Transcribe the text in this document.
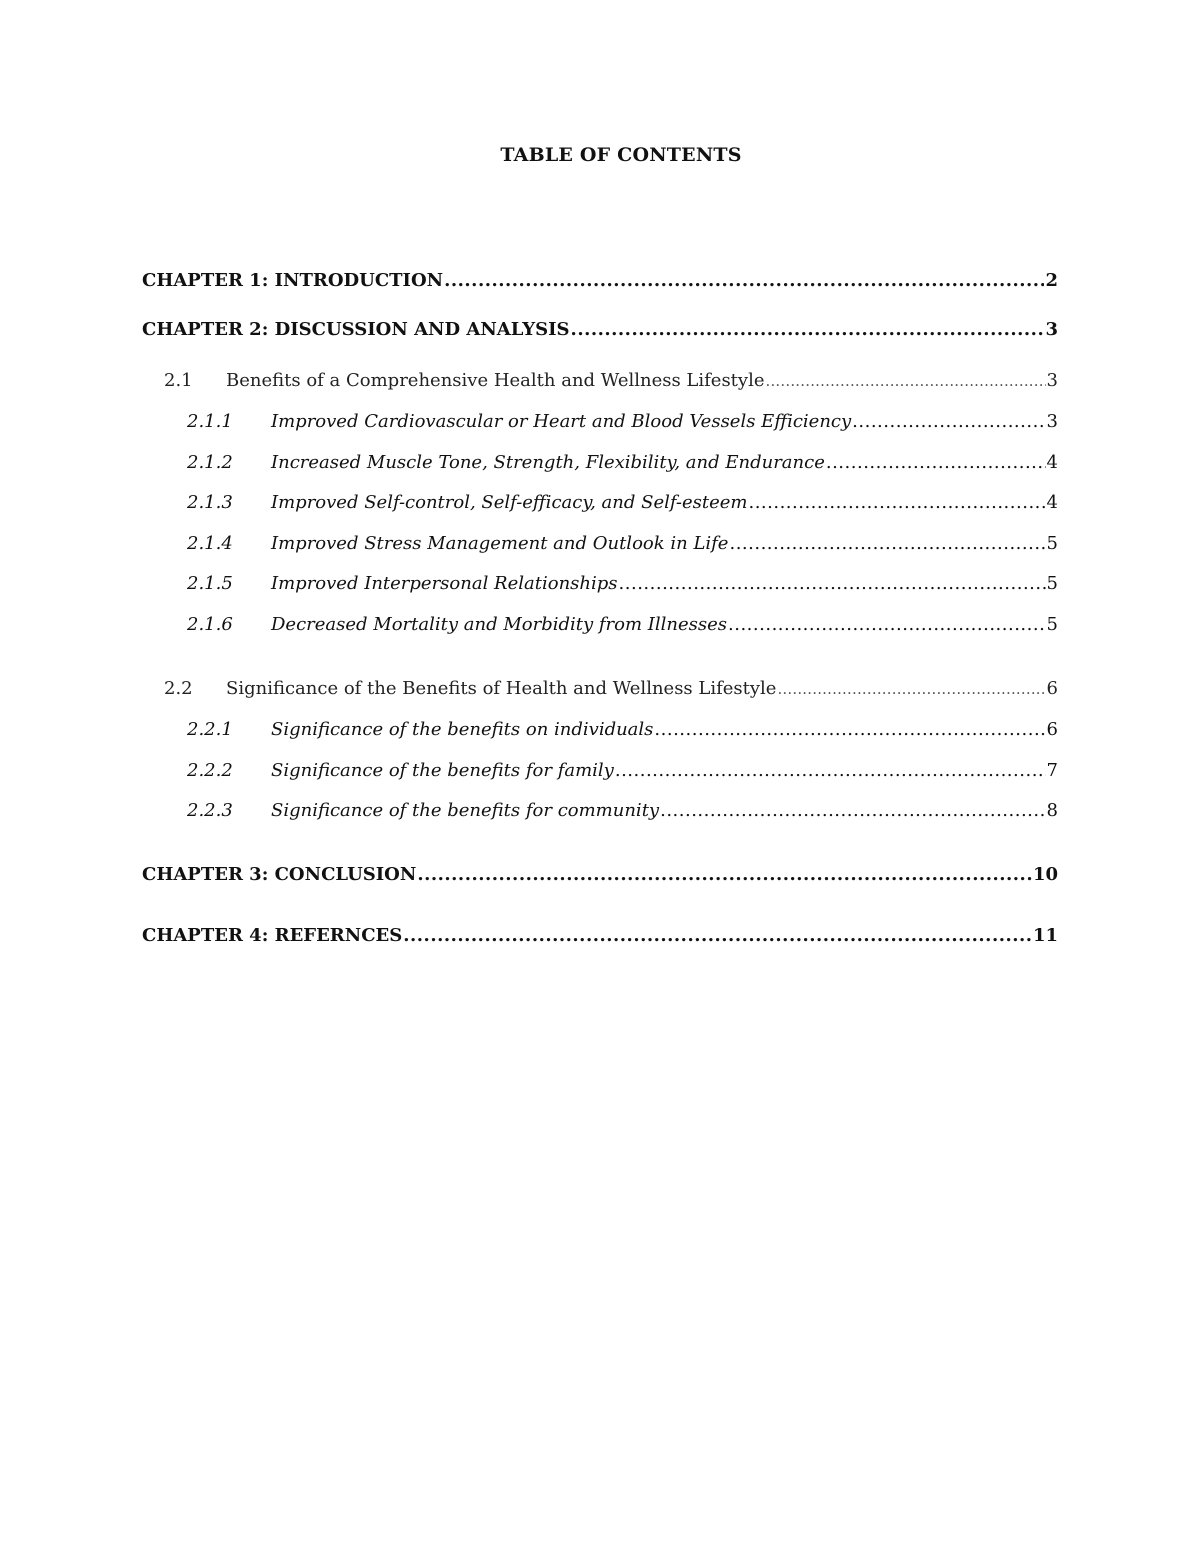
TABLE OF CONTENTS
CHAPTER 1: INTRODUCTION .....	2
CHAPTER 2: DISCUSSION AND ANALYSIS .....	3
2.1	Benefits of a Comprehensive Health and Wellness Lifestyle .....	3
2.1.1	Improved Cardiovascular or Heart and Blood Vessels Efficiency .....	3
2.1.2	Increased Muscle Tone, Strength, Flexibility, and Endurance .....	4
2.1.3	Improved Self-control, Self-efficacy, and Self-esteem .....	4
2.1.4	Improved Stress Management and Outlook in Life .....	5
2.1.5	Improved Interpersonal Relationships .....	5
2.1.6	Decreased Mortality and Morbidity from Illnesses .....	5
2.2	Significance of the Benefits of Health and Wellness Lifestyle .....	6
2.2.1	Significance of the benefits on individuals .....	6
2.2.2	Significance of the benefits for family .....	7
2.2.3	Significance of the benefits for community .....	8
CHAPTER 3: CONCLUSION .....	10
CHAPTER 4: REFERNCES .....	11
